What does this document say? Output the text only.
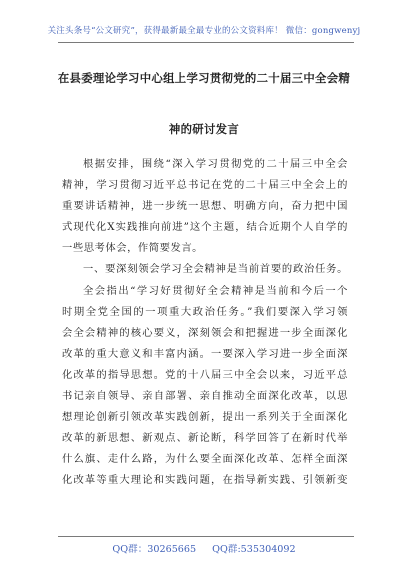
关注头条号“公文研究”，获得最新最全最专业的公文资料库！ 微信：gongwenyj
在县委理论学习中心组上学习贯彻党的二十届三中全会精
神的研讨发言
根据安排，围绕“深入学习贯彻党的二十届三中全会
精神，学习贯彻习近平总书记在党的二十届三中全会上的
重要讲话精神，进一步统一思想、明确方向，奋力把中国
式现代化X实践推向前进”这个主题，结合近期个人自学的
一些思考体会，作简要发言。
一、要深刻领会学习全会精神是当前首要的政治任务。
全会指出“学习好贯彻好全会精神是当前和今后一个
时期全党全国的一项重大政治任务。”我们要深入学习领
会全会精神的核心要义，深刻领会和把握进一步全面深化
改革的重大意义和丰富内涵。一要深入学习进一步全面深
化改革的指导思想。党的十八届三中全会以来，习近平总
书记亲自领导、亲自部署、亲自推动全面深化改革，以思
想理论创新引领改革实践创新，提出一系列关于全面深化
改革的新思想、新观点、新论断，科学回答了在新时代举
什么旗、走什么路，为什么要全面深化改革、怎样全面深
化改革等重大理论和实践问题，在指导新实践、引领新变
QQ群：30265665 QQ群:535304092
